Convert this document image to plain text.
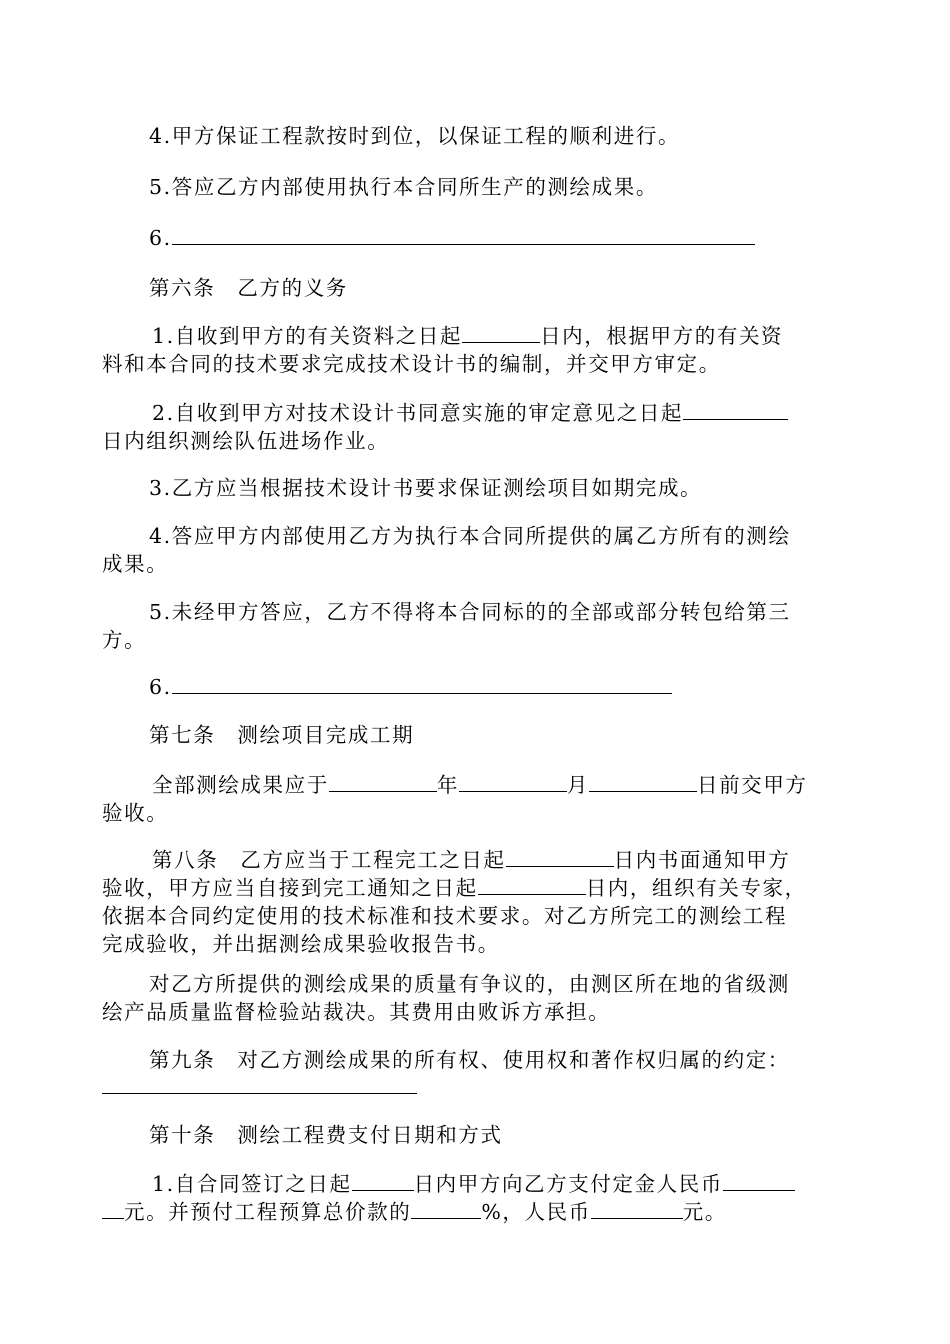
4.甲方保证工程款按时到位，以保证工程的顺利进行。
5.答应乙方内部使用执行本合同所生产的测绘成果。
6.
第六条　乙方的义务
1.自收到甲方的有关资料之日起	日内，根据甲方的有关资
料和本合同的技术要求完成技术设计书的编制，并交甲方审定。
2.自收到甲方对技术设计书同意实施的审定意见之日起
日内组织测绘队伍进场作业。
3.乙方应当根据技术设计书要求保证测绘项目如期完成。
4.答应甲方内部使用乙方为执行本合同所提供的属乙方所有的测绘
成果。
5.未经甲方答应，乙方不得将本合同标的的全部或部分转包给第三
方。
6.
第七条　测绘项目完成工期
全部测绘成果应于	年	月	日前交甲方
验收。
第八条　乙方应当于工程完工之日起	日内书面通知甲方
验收，甲方应当自接到完工通知之日起	日内，组织有关专家，
依据本合同约定使用的技术标准和技术要求。对乙方所完工的测绘工程
完成验收，并出据测绘成果验收报告书。
对乙方所提供的测绘成果的质量有争议的，由测区所在地的省级测
绘产品质量监督检验站裁决。其费用由败诉方承担。
第九条　对乙方测绘成果的所有权、使用权和著作权归属的约定：
第十条　测绘工程费支付日期和方式
1.自合同签订之日起	日内甲方向乙方支付定金人民币
元。并预付工程预算总价款的	%，人民币	元。
